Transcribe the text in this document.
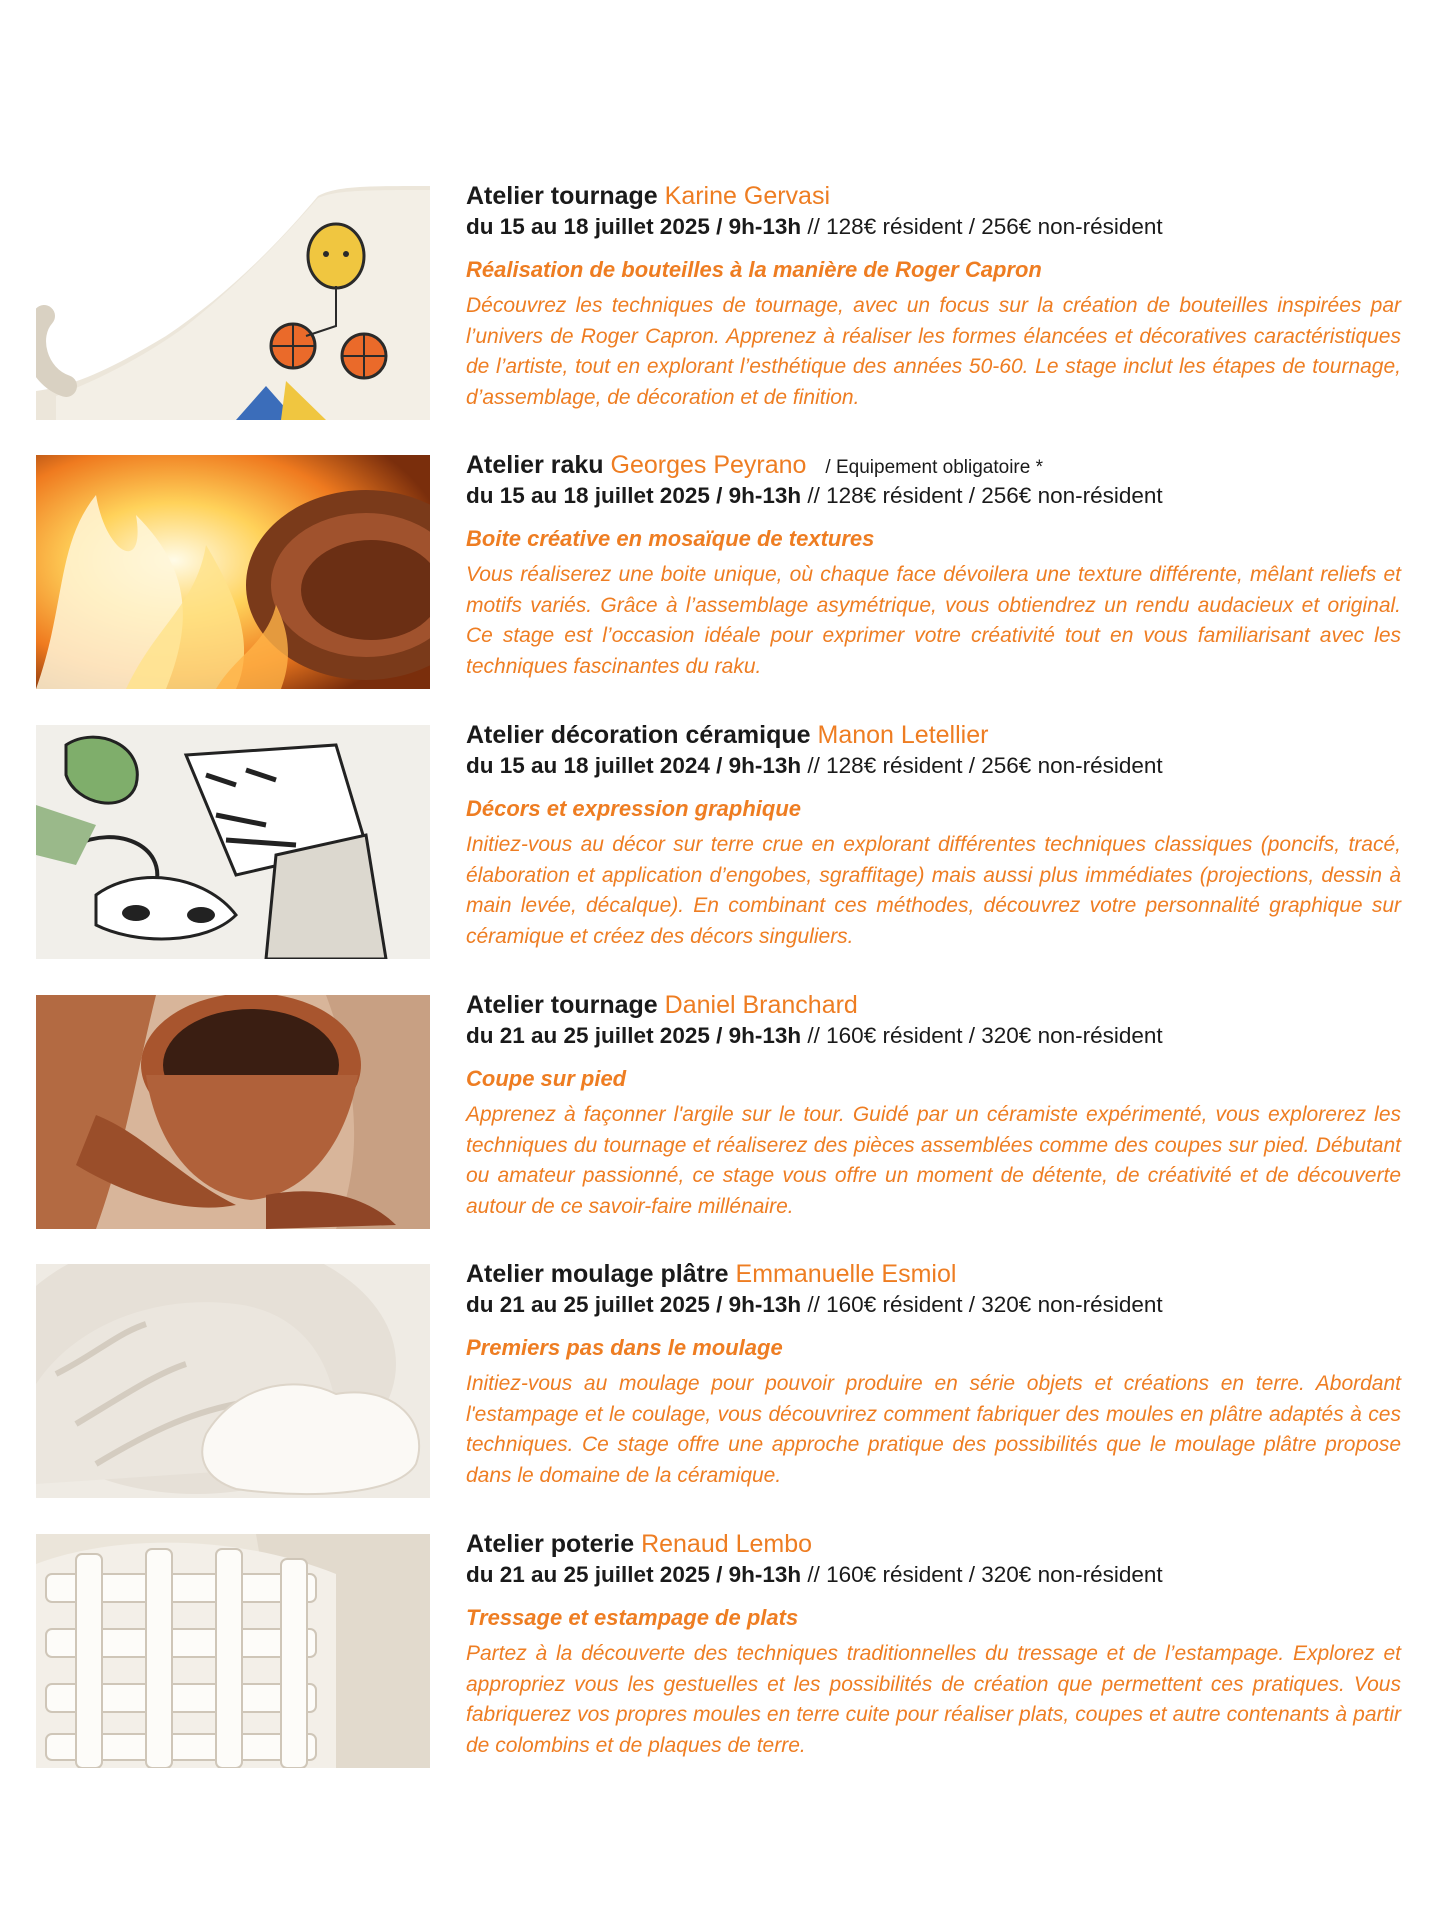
Atelier tournage Karine Gervasi
du 15 au 18 juillet 2025 / 9h-13h // 128€ résident / 256€ non-résident
Réalisation de bouteilles à la manière de Roger Capron
Découvrez les techniques de tournage, avec un focus sur la création de bouteilles inspirées par l’univers de Roger Capron. Apprenez à réaliser les formes élancées et décoratives caractéristiques de l’artiste, tout en explorant l’esthétique des années 50-60. Le stage inclut les étapes de tournage, d’assemblage, de décoration et de finition.
Atelier raku Georges Peyrano / Equipement obligatoire *
du 15 au 18 juillet 2025 / 9h-13h // 128€ résident / 256€ non-résident
Boite créative en mosaïque de textures
Vous réaliserez une boite unique, où chaque face dévoilera une texture différente, mêlant reliefs et motifs variés. Grâce à l’assemblage asymétrique, vous obtiendrez un rendu audacieux et original. Ce stage est l’occasion idéale pour exprimer votre créativité tout en vous familiarisant avec les techniques fascinantes du raku.
Atelier décoration céramique Manon Letellier
du 15 au 18 juillet 2024 / 9h-13h // 128€ résident / 256€ non-résident
Décors et expression graphique
Initiez-vous au décor sur terre crue en explorant différentes techniques classiques (poncifs, tracé, élaboration et application d’engobes, sgraffitage) mais aussi plus immédiates (projections, dessin à main levée, décalque). En combinant ces méthodes, découvrez votre personnalité graphique sur céramique et créez des décors singuliers.
Atelier tournage Daniel Branchard
du 21 au 25 juillet 2025 / 9h-13h // 160€ résident / 320€ non-résident
Coupe sur pied
Apprenez à façonner l'argile sur le tour. Guidé par un céramiste expérimenté, vous explorerez les techniques du tournage et réaliserez des pièces assemblées comme des coupes sur pied. Débutant ou amateur passionné, ce stage vous offre un moment de détente, de créativité et de découverte autour de ce savoir-faire millénaire.
Atelier moulage plâtre Emmanuelle Esmiol
du 21 au 25 juillet 2025 / 9h-13h // 160€ résident / 320€ non-résident
Premiers pas dans le moulage
Initiez-vous au moulage pour pouvoir produire en série objets et créations en terre. Abordant l'estampage et le coulage, vous découvrirez comment fabriquer des moules en plâtre adaptés à ces techniques. Ce stage offre une approche pratique des possibilités que le moulage plâtre propose dans le domaine de la céramique.
Atelier poterie Renaud Lembo
du 21 au 25 juillet 2025 / 9h-13h // 160€ résident / 320€ non-résident
Tressage et estampage de plats
Partez à la découverte des techniques traditionnelles du tressage et de l’estampage. Explorez et appropriez vous les gestuelles et les possibilités de création que permettent ces pratiques. Vous fabriquerez vos propres moules en terre cuite pour réaliser plats, coupes et autre contenants à partir de colombins et de plaques de terre.
